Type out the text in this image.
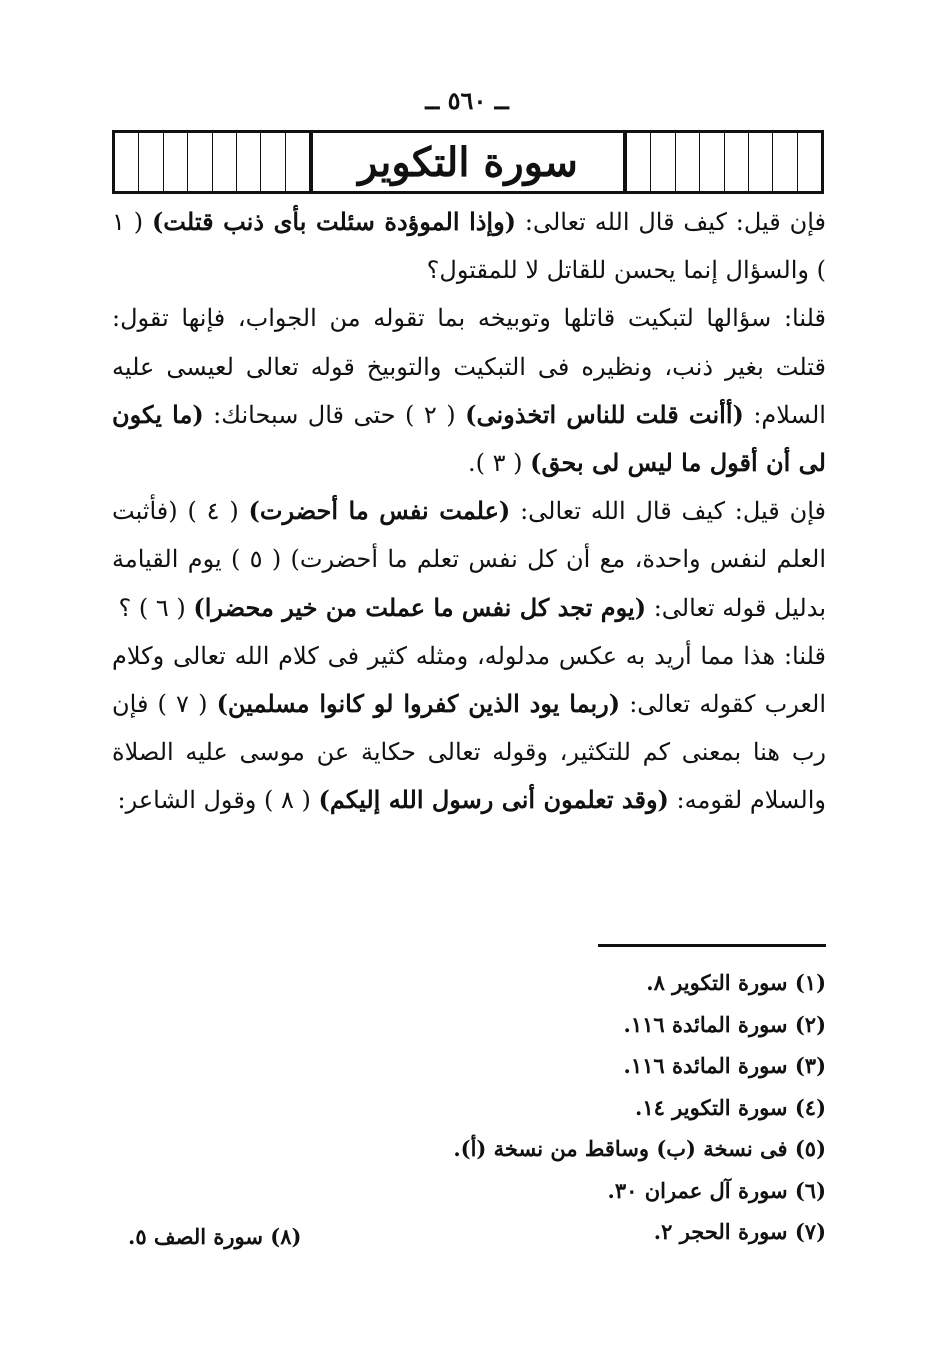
ــ ٥٦٠ ــ
سورة التكوير

فإن قيل: كيف قال الله تعالى: (وإذا الموؤدة سئلت بأى ذنب قتلت) ( ١ ) والسؤال إنما يحسن للقاتل لا للمقتول؟

قلنا: سؤالها لتبكيت قاتلها وتوبيخه بما تقوله من الجواب، فإنها تقول: قتلت بغير ذنب، ونظيره فى التبكيت والتوبيخ قوله تعالى لعيسى عليه السلام: (أأنت قلت للناس اتخذونى) ( ٢ ) حتى قال سبحانك: (ما يكون لى أن أقول ما ليس لى بحق) ( ٣ ).

فإن قيل: كيف قال الله تعالى: (علمت نفس ما أحضرت) ( ٤ ) (فأثبت العلم لنفس واحدة، مع أن كل نفس تعلم ما أحضرت) ( ٥ ) يوم القيامة بدليل قوله تعالى: (يوم تجد كل نفس ما عملت من خير محضرا) ( ٦ ) ؟

قلنا: هذا مما أريد به عكس مدلوله، ومثله كثير فى كلام الله تعالى وكلام العرب كقوله تعالى: (ربما يود الذين كفروا لو كانوا مسلمين) ( ٧ ) فإن رب هنا بمعنى كم للتكثير، وقوله تعالى حكاية عن موسى عليه الصلاة والسلام لقومه: (وقد تعلمون أنى رسول الله إليكم) ( ٨ ) وقول الشاعر:

(١) سورة التكوير ٨.
(٢) سورة المائدة ١١٦.
(٣) سورة المائدة ١١٦.
(٤) سورة التكوير ١٤.
(٥) فى نسخة (ب) وساقط من نسخة (أ).
(٦) سورة آل عمران ٣٠.
(٧) سورة الحجر ٢.
(٨) سورة الصف ٥.
